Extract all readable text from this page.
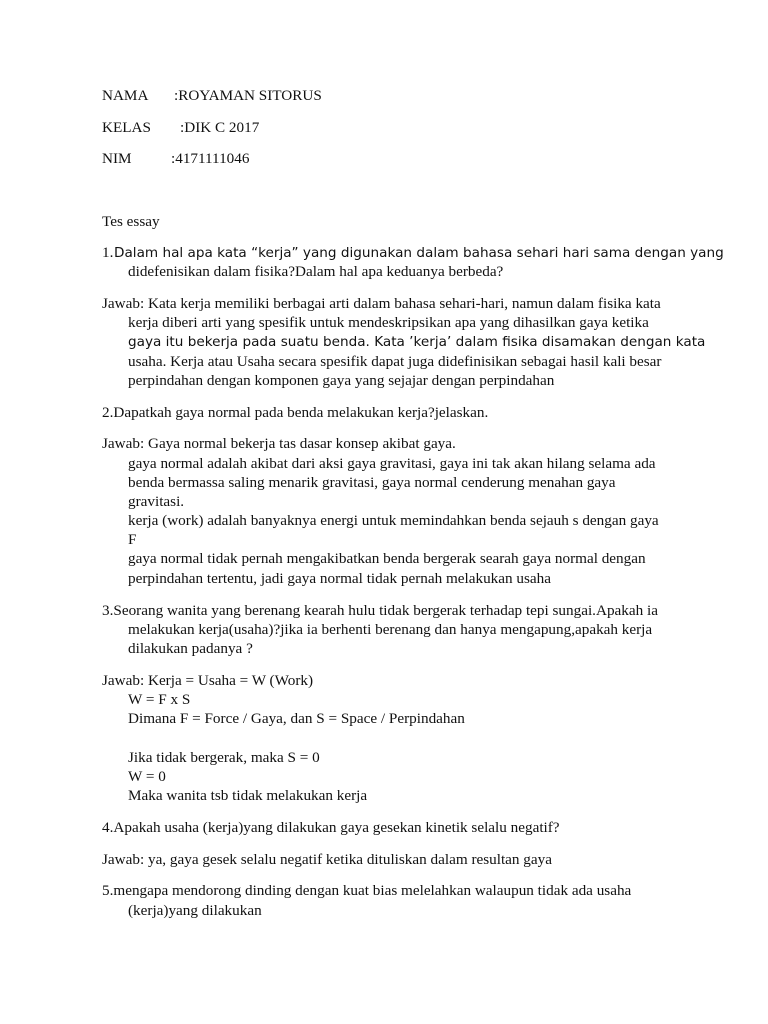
NAMA :ROYAMAN SITORUS
KELAS :DIK C 2017
NIM	:4171111046
Tes essay
1. Dalam hal apa kata “kerja” yang digunakan dalam bahasa sehari hari sama dengan yang
didefenisikan dalam fisika?Dalam hal apa keduanya berbeda?
Jawab: Kata kerja memiliki berbagai arti dalam bahasa sehari-hari, namun dalam fisika kata
kerja diberi arti yang spesifik untuk mendeskripsikan apa yang dihasilkan gaya ketika
gaya itu bekerja pada suatu benda. Kata ’kerja’ dalam fisika disamakan dengan kata
usaha. Kerja atau Usaha secara spesifik dapat juga didefinisikan sebagai hasil kali besar
perpindahan dengan komponen gaya yang sejajar dengan perpindahan
2.Dapatkah gaya normal pada benda melakukan kerja?jelaskan.
Jawab: Gaya normal bekerja tas dasar konsep akibat gaya.
gaya normal adalah akibat dari aksi gaya gravitasi, gaya ini tak akan hilang selama ada
benda bermassa saling menarik gravitasi, gaya normal cenderung menahan gaya
gravitasi.
kerja (work) adalah banyaknya energi untuk memindahkan benda sejauh s dengan gaya
F
gaya normal tidak pernah mengakibatkan benda bergerak searah gaya normal dengan
perpindahan tertentu, jadi gaya normal tidak pernah melakukan usaha
3.Seorang wanita yang berenang kearah hulu tidak bergerak terhadap tepi sungai.Apakah ia
melakukan kerja(usaha)?jika ia berhenti berenang dan hanya mengapung,apakah kerja
dilakukan padanya ?
Jawab: Kerja = Usaha = W (Work)
W = F x S
Dimana F = Force / Gaya, dan S = Space / Perpindahan
Jika tidak bergerak, maka S = 0
W = 0
Maka wanita tsb tidak melakukan kerja
4.Apakah usaha (kerja)yang dilakukan gaya gesekan kinetik selalu negatif?
Jawab: ya, gaya gesek selalu negatif ketika dituliskan dalam resultan gaya
5.mengapa mendorong dinding dengan kuat bias melelahkan walaupun tidak ada usaha
(kerja)yang dilakukan
